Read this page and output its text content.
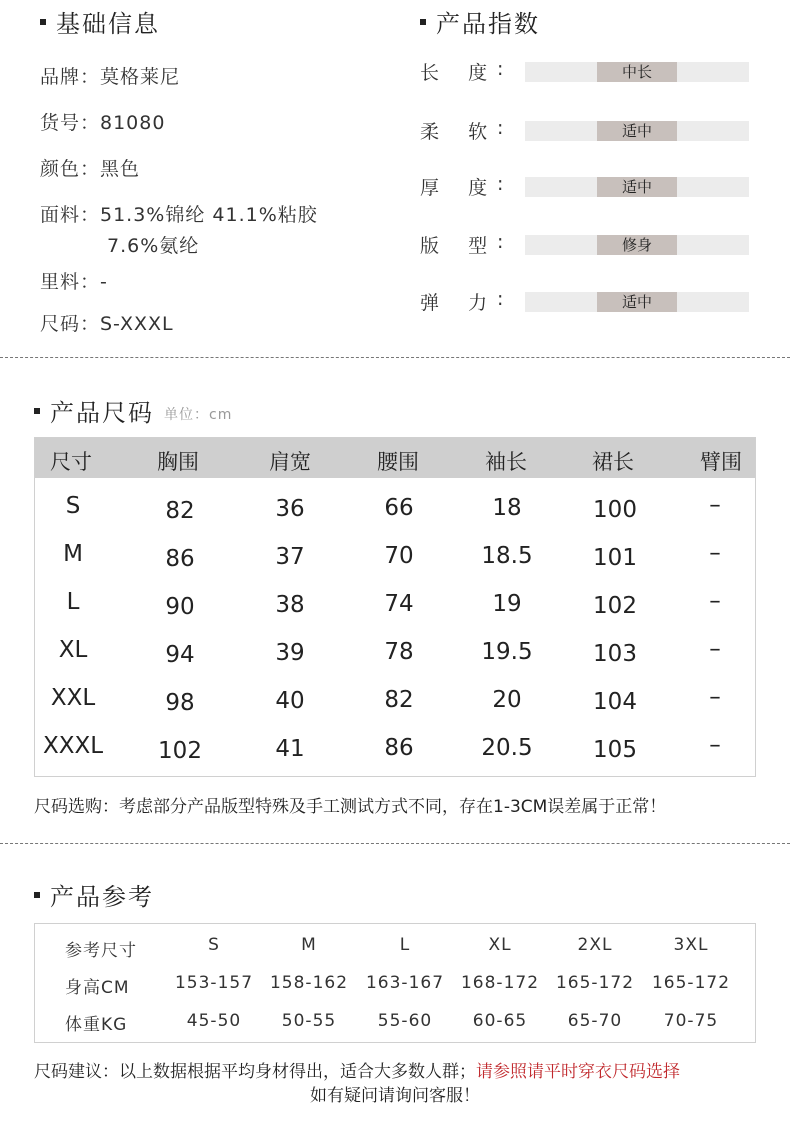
基础信息
品牌：莫格莱尼
货号：81080
颜色：黑色
面料：51.3%锦纶 41.1%粘胶
7.6%氨纶
里料：-
尺码：S-XXXL
产品指数
长    度 :	中长
柔    软 :	适中
厚    度 :	适中
版    型 :	修身
弹    力 :	适中
产品尺码 单位：cm
尺寸	胸围	肩宽	腰围	袖长	裙长	臂围
S	82	36	66	18	100	–
M	86	37	70	18.5	101	–
L	90	38	74	19	102	–
XL	94	39	78	19.5	103	–
XXL	98	40	82	20	104	–
XXXL 102	41	86	20.5	105	–
尺码选购：考虑部分产品版型特殊及手工测试方式不同，存在1-3CM误差属于正常！
产品参考
参考尺寸	S	M	L	XL	2XL	3XL
身高CM	153-157 158-162 163-167 168-172 165-172 165-172
体重KG	45-50 50-55 55-60 60-65 65-70 70-75
尺码建议：以上数据根据平均身材得出，适合大多数人群；请参照请平时穿衣尺码选择
如有疑问请询问客服！
